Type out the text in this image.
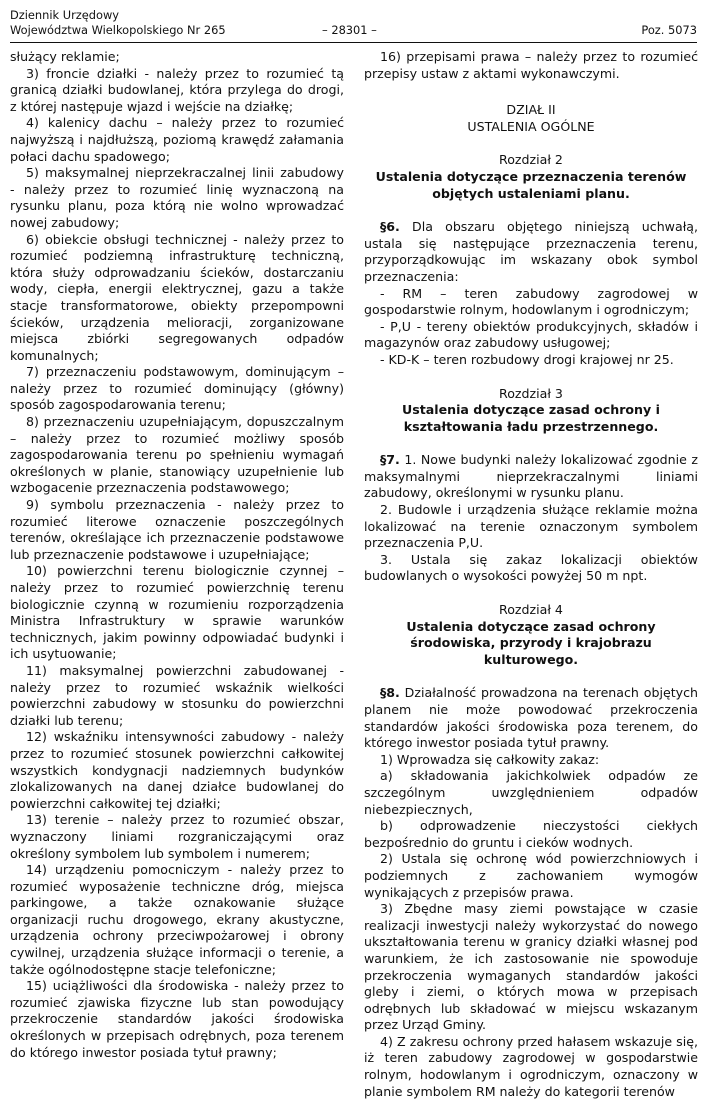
Dziennik Urzędowy
Województwa Wielkopolskiego Nr 265	– 28301 –	Poz. 5073

służący reklamie;

3) froncie działki - należy przez to rozumieć tą granicą działki budowlanej, która przylega do drogi, z której następuje wjazd i wejście na działkę;

4) kalenicy dachu – należy przez to rozumieć najwyższą i najdłuższą, poziomą krawędź załamania połaci dachu spadowego;

5) maksymalnej nieprzekraczalnej linii zabudowy - należy przez to rozumieć linię wyznaczoną na rysunku planu, poza którą nie wolno wprowadzać nowej zabudowy;

6) obiekcie obsługi technicznej - należy przez to rozumieć podziemną infrastrukturę techniczną, która służy odprowadzaniu ścieków, dostarczaniu wody, ciepła, energii elektrycznej, gazu a także stacje transformatorowe, obiekty przepompowni ścieków, urządzenia melioracji, zorganizowane miejsca zbiórki segregowanych odpadów komunalnych;

7) przeznaczeniu podstawowym, dominującym – należy przez to rozumieć dominujący (główny) sposób zagospodarowania terenu;

8) przeznaczeniu uzupełniającym, dopuszczalnym – należy przez to rozumieć możliwy sposób zagospodarowania terenu po spełnieniu wymagań określonych w planie, stanowiący uzupełnienie lub wzbogacenie przeznaczenia podstawowego;

9) symbolu przeznaczenia - należy przez to rozumieć literowe oznaczenie poszczególnych terenów, określające ich przeznaczenie podstawowe lub przeznaczenie podstawowe i uzupełniające;

10) powierzchni terenu biologicznie czynnej – należy przez to rozumieć powierzchnię terenu biologicznie czynną w rozumieniu rozporządzenia Ministra Infrastruktury w sprawie warunków technicznych, jakim powinny odpowiadać budynki i ich usytuowanie;

11) maksymalnej powierzchni zabudowanej - należy przez to rozumieć wskaźnik wielkości powierzchni zabudowy w stosunku do powierzchni działki lub terenu;

12) wskaźniku intensywności zabudowy - należy przez to rozumieć stosunek powierzchni całkowitej wszystkich kondygnacji nadziemnych budynków zlokalizowanych na danej działce budowlanej do powierzchni całkowitej tej działki;

13) terenie – należy przez to rozumieć obszar, wyznaczony liniami rozgraniczającymi oraz określony symbolem lub symbolem i numerem;

14) urządzeniu pomocniczym - należy przez to rozumieć wyposażenie techniczne dróg, miejsca parkingowe, a także oznakowanie służące organizacji ruchu drogowego, ekrany akustyczne, urządzenia ochrony przeciwpożarowej i obrony cywilnej, urządzenia służące informacji o terenie, a także ogólnodostępne stacje telefoniczne;

15) uciążliwości dla środowiska - należy przez to rozumieć zjawiska fizyczne lub stan powodujący przekroczenie standardów jakości środowiska określonych w przepisach odrębnych, poza terenem do którego inwestor posiada tytuł prawny;

16) przepisami prawa – należy przez to rozumieć przepisy ustaw z aktami wykonawczymi.

DZIAŁ II

USTALENIA OGÓLNE

Rozdział 2

Ustalenia dotyczące przeznaczenia terenów objętych ustaleniami planu.

§6. Dla obszaru objętego niniejszą uchwałą, ustala się następujące przeznaczenia terenu, przyporządkowując im wskazany obok symbol przeznaczenia:

- RM – teren zabudowy zagrodowej w gospodarstwie rolnym, hodowlanym i ogrodniczym;

- P,U - tereny obiektów produkcyjnych, składów i magazynów oraz zabudowy usługowej;

- KD-K – teren rozbudowy drogi krajowej nr 25.

Rozdział 3

Ustalenia dotyczące zasad ochrony i kształtowania ładu przestrzennego.

§7. 1. Nowe budynki należy lokalizować zgodnie z maksymalnymi nieprzekraczalnymi liniami zabudowy, określonymi w rysunku planu.

2. Budowle i urządzenia służące reklamie można lokalizować na terenie oznaczonym symbolem przeznaczenia P,U.

3. Ustala się zakaz lokalizacji obiektów budowlanych o wysokości powyżej 50 m npt.

Rozdział 4

Ustalenia dotyczące zasad ochrony środowiska, przyrody i krajobrazu kulturowego.

§8. Działalność prowadzona na terenach objętych planem nie może powodować przekroczenia standardów jakości środowiska poza terenem, do którego inwestor posiada tytuł prawny.

1) Wprowadza się całkowity zakaz:

a) składowania jakichkolwiek odpadów ze szczególnym uwzględnieniem odpadów niebezpiecznych,

b) odprowadzenie nieczystości ciekłych bezpośrednio do gruntu i cieków wodnych.

2) Ustala się ochronę wód powierzchniowych i podziemnych z zachowaniem wymogów wynikających z przepisów prawa.

3) Zbędne masy ziemi powstające w czasie realizacji inwestycji należy wykorzystać do nowego ukształtowania terenu w granicy działki własnej pod warunkiem, że ich zastosowanie nie spowoduje przekroczenia wymaganych standardów jakości gleby i ziemi, o których mowa w przepisach odrębnych lub składować w miejscu wskazanym przez Urząd Gminy.

4) Z zakresu ochrony przed hałasem wskazuje się, iż teren zabudowy zagrodowej w gospodarstwie rolnym, hodowlanym i ogrodniczym, oznaczony w planie symbolem RM należy do kategorii terenów
